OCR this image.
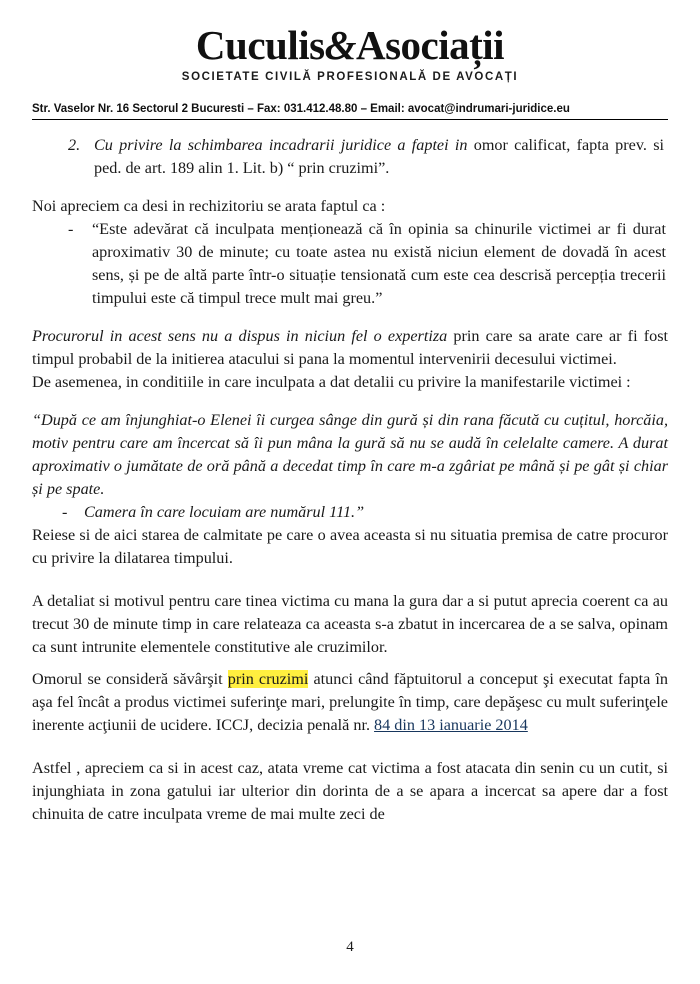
Cuculis&Asociații
SOCIETATE CIVILĂ PROFESIONALĂ DE AVOCAȚI
Str. Vaselor Nr. 16 Sectorul 2 Bucuresti – Fax: 031.412.48.80 – Email: avocat@indrumari-juridice.eu
2. Cu privire la schimbarea incadrarii juridice a faptei in omor calificat, fapta prev. si ped. de art. 189 alin 1. Lit. b) “ prin cruzimi”.

Noi apreciem ca desi in rechizitoriu se arata faptul ca :

-	“Este adevărat că inculpata menționează că în opinia sa chinurile victimei ar fi durat aproximativ 30 de minute; cu toate astea nu există niciun element de dovadă în acest sens, și pe de altă parte într-o situație tensionată cum este cea descrisă percepția trecerii timpului este că timpul trece mult mai greu.”

Procurorul in acest sens nu a dispus in niciun fel o expertiza prin care sa arate care ar fi fost timpul probabil de la initierea atacului si pana la momentul intervenirii decesului victimei.

De asemenea, in conditiile in care inculpata a dat detalii cu privire la manifestarile victimei :

“După ce am înjunghiat-o Elenei îi curgea sânge din gură și din rana făcută cu cuțitul, horcăia, motiv pentru care am încercat să îi pun mâna la gură să nu se audă în celelalte camere. A durat aproximativ o jumătate de oră până a decedat timp în care m-a zgâriat pe mână și pe gât și chiar și pe spate.

-	Camera în care locuiam are numărul 111.”

Reiese si de aici starea de calmitate pe care o avea aceasta si nu situatia premisa de catre procuror cu privire la dilatarea timpului.

A detaliat si motivul pentru care tinea victima cu mana la gura dar a si putut aprecia coerent ca au trecut 30 de minute timp in care relateaza ca aceasta s-a zbatut in incercarea de a se salva, opinam ca sunt intrunite elementele constitutive ale cruzimilor.

Omorul se consideră săvârşit prin cruzimi atunci când făptuitorul a conceput şi executat fapta în aşa fel încât a produs victimei suferinţe mari, prelungite în timp, care depăşesc cu mult suferinţele inerente acţiunii de ucidere. ICCJ, decizia penală nr. 84 din 13 ianuarie 2014

Astfel , apreciem ca si in acest caz, atata vreme cat victima a fost atacata din senin cu un cutit, si injunghiata in zona gatului iar ulterior din dorinta de a se apara a incercat sa apere dar a fost chinuita de catre inculpata vreme de mai multe zeci de

4
